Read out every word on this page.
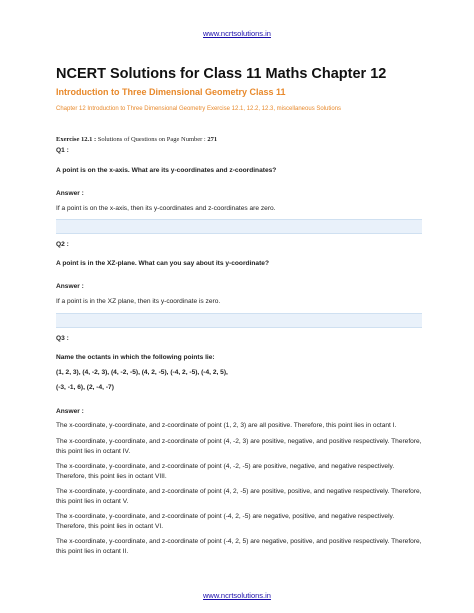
www.ncrtsolutions.in
NCERT Solutions for Class 11 Maths Chapter 12
Introduction to Three Dimensional Geometry Class 11
Chapter 12 Introduction to Three Dimensional Geometry Exercise 12.1, 12.2, 12.3, miscellaneous Solutions
Exercise 12.1 : Solutions of Questions on Page Number : 271
Q1 :
A point is on the x-axis. What are its y-coordinates and z-coordinates?
Answer :
If a point is on the x-axis, then its y-coordinates and z-coordinates are zero.
Q2 :
A point is in the XZ-plane. What can you say about its y-coordinate?
Answer :
If a point is in the XZ plane, then its y-coordinate is zero.
Q3 :
Name the octants in which the following points lie:
(1, 2, 3), (4, -2, 3), (4, -2, -5), (4, 2, -5), (-4, 2, -5), (-4, 2, 5),
(-3, -1, 6), (2, -4, -7)
Answer :
The x-coordinate, y-coordinate, and z-coordinate of point (1, 2, 3) are all positive. Therefore, this point lies in octant I.
The x-coordinate, y-coordinate, and z-coordinate of point (4, -2, 3) are positive, negative, and positive respectively. Therefore, this point lies in octant IV.
The x-coordinate, y-coordinate, and z-coordinate of point (4, -2, -5) are positive, negative, and negative respectively. Therefore, this point lies in octant VIII.
The x-coordinate, y-coordinate, and z-coordinate of point (4, 2, -5) are positive, positive, and negative respectively. Therefore, this point lies in octant V.
The x-coordinate, y-coordinate, and z-coordinate of point (-4, 2, -5) are negative, positive, and negative respectively. Therefore, this point lies in octant VI.
The x-coordinate, y-coordinate, and z-coordinate of point (-4, 2, 5) are negative, positive, and positive respectively. Therefore, this point lies in octant II.
www.ncrtsolutions.in
